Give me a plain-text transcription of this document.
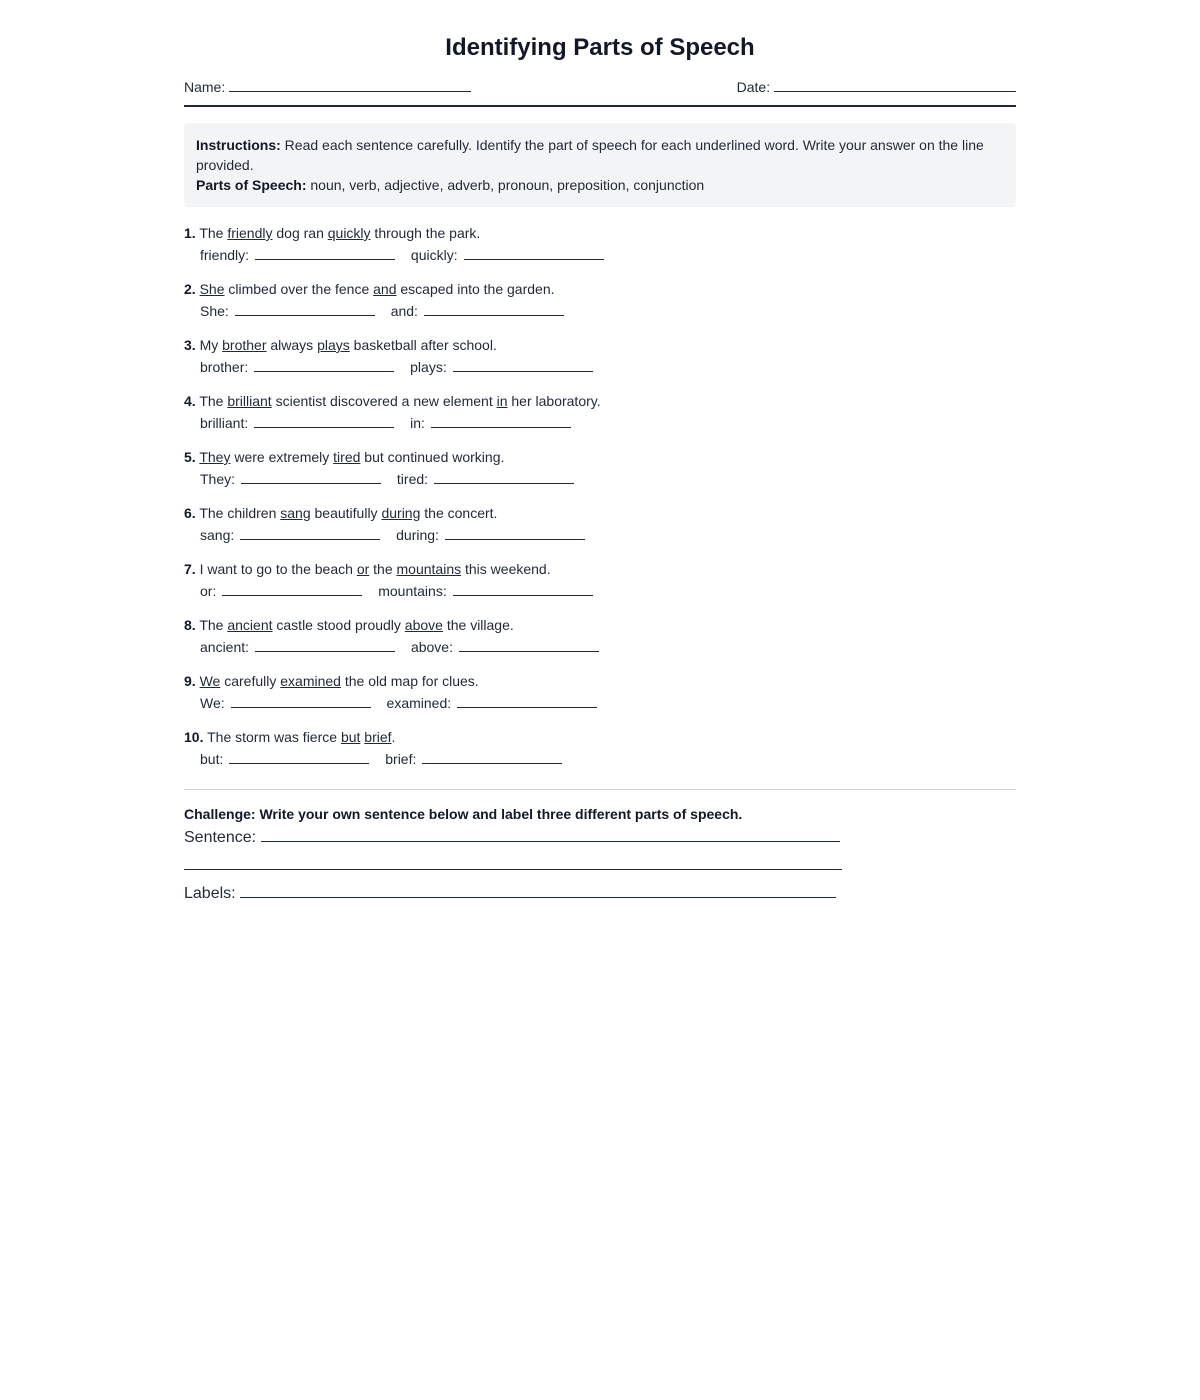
Identifying Parts of Speech
Name:	Date:
Instructions: Read each sentence carefully. Identify the part of speech for each underlined word. Write your answer on the line provided.
Parts of Speech: noun, verb, adjective, adverb, pronoun, preposition, conjunction
1. The friendly dog ran quickly through the park.
friendly:	quickly:
2. She climbed over the fence and escaped into the garden.
She:	and:
3. My brother always plays basketball after school.
brother:	plays:
4. The brilliant scientist discovered a new element in her laboratory.
brilliant:	in:
5. They were extremely tired but continued working.
They:	tired:
6. The children sang beautifully during the concert.
sang:	during:
7. I want to go to the beach or the mountains this weekend.
or:	mountains:
8. The ancient castle stood proudly above the village.
ancient:	above:
9. We carefully examined the old map for clues.
We:	examined:
10. The storm was fierce but brief.
but:	brief:
Challenge: Write your own sentence below and label three different parts of speech.
Sentence:
Labels:
